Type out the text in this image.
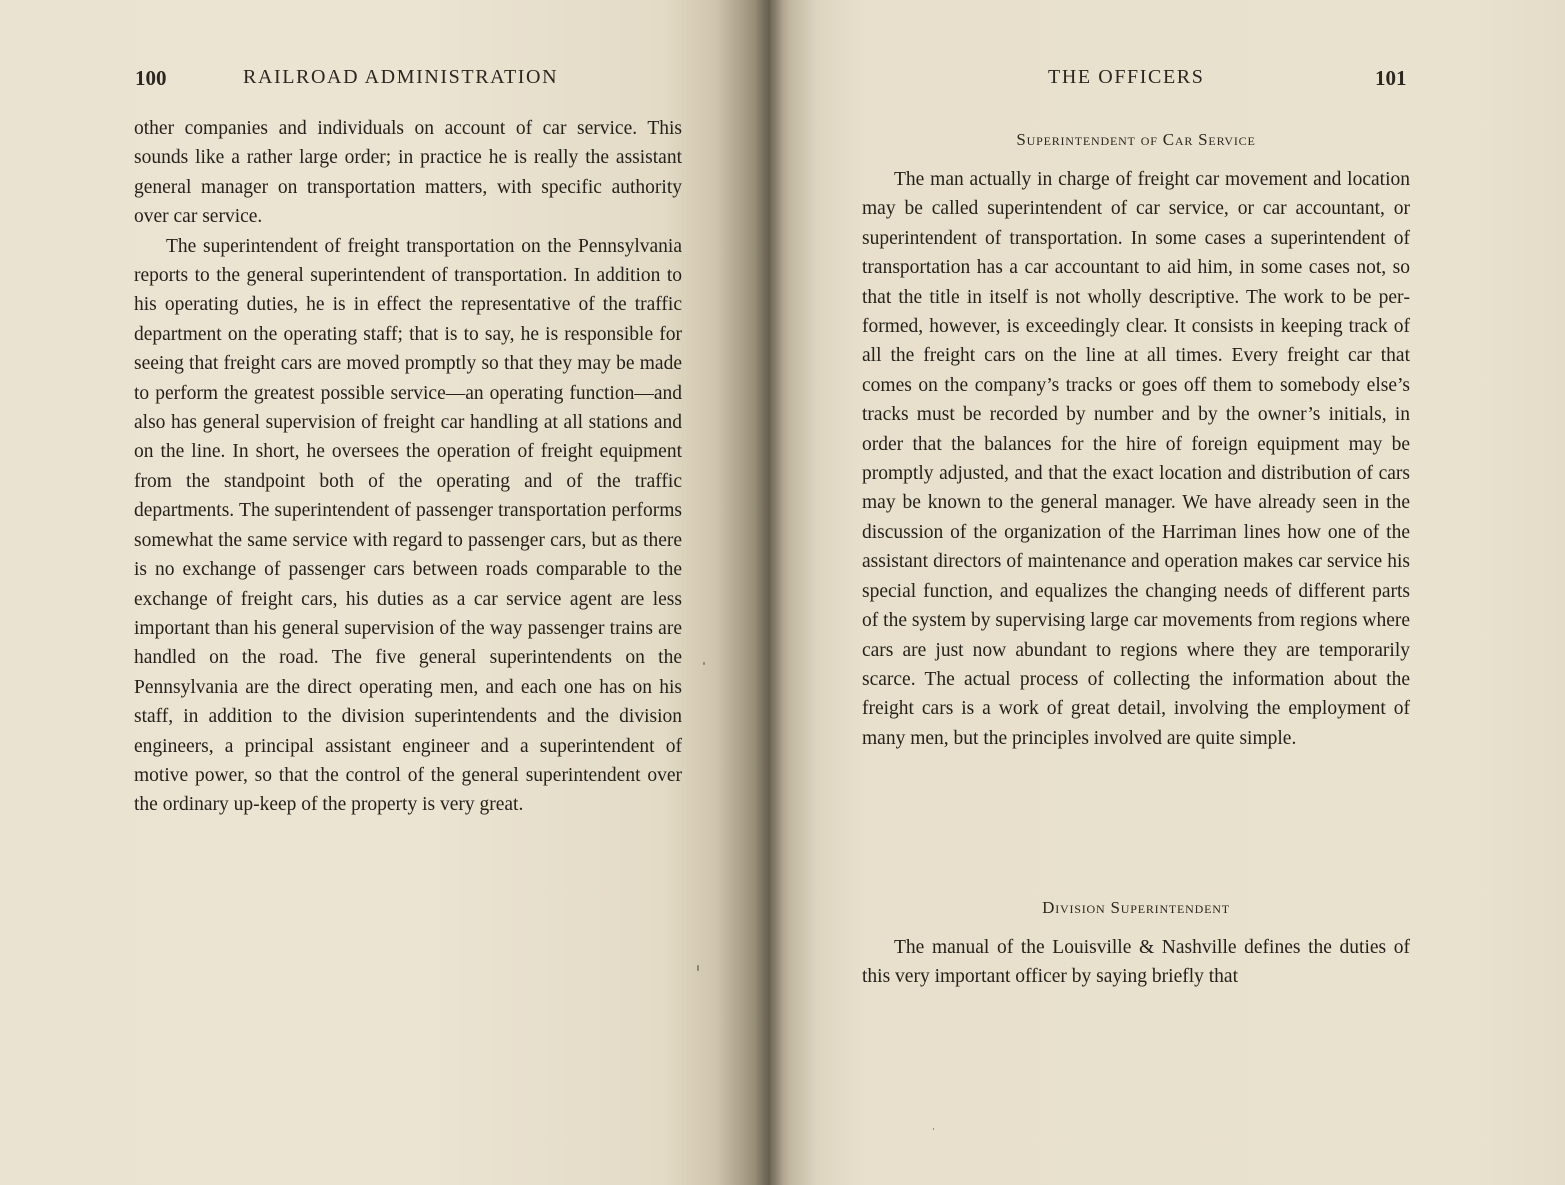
100	RAILROAD ADMINISTRATION

other companies and individuals on account of car service. This sounds like a rather large order; in practice he is really the assistant general manager on transportation matters, with specific authority over car service.

The superintendent of freight transportation on the Pennsylvania reports to the general superintendent of transportation. In addition to his operating duties, he is in effect the representative of the traffic department on the operating staff; that is to say, he is responsible for seeing that freight cars are moved promptly so that they may be made to perform the greatest possible service—an operating function—and also has general supervision of freight car handling at all stations and on the line. In short, he oversees the operation of freight equipment from the standpoint both of the operating and of the traffic departments. The superintendent of passenger transportation performs somewhat the same service with regard to passenger cars, but as there is no exchange of passenger cars between roads comparable to the exchange of freight cars, his duties as a car service agent are less important than his general supervision of the way passenger trains are handled on the road. The five general superintendents on the Pennsylvania are the direct operating men, and each one has on his staff, in addition to the division superintendents and the division engineers, a principal assistant engineer and a superintendent of motive power, so that the control of the general superintendent over the ordinary up-keep of the property is very great.

THE OFFICERS	101
Superintendent of Car Service

The man actually in charge of freight car movement and location may be called superintendent of car service, or car accountant, or superintendent of transportation. In some cases a superintendent of transportation has a car accountant to aid him, in some cases not, so that the title in itself is not wholly descriptive. The work to be performed, however, is exceedingly clear. It consists in keeping track of all the freight cars on the line at all times. Every freight car that comes on the company’s tracks or goes off them to somebody else’s tracks must be recorded by number and by the owner’s initials, in order that the balances for the hire of foreign equipment may be promptly adjusted, and that the exact location and distribution of cars may be known to the general manager. We have already seen in the discussion of the organization of the Harriman lines how one of the assistant directors of maintenance and operation makes car service his special function, and equalizes the changing needs of different parts of the system by supervising large car movements from regions where cars are just now abundant to regions where they are temporarily scarce. The actual process of collecting the information about the freight cars is a work of great detail, involving the employment of many men, but the principles involved are quite simple.

Division Superintendent

The manual of the Louisville & Nashville defines the duties of this very important officer by saying briefly that
